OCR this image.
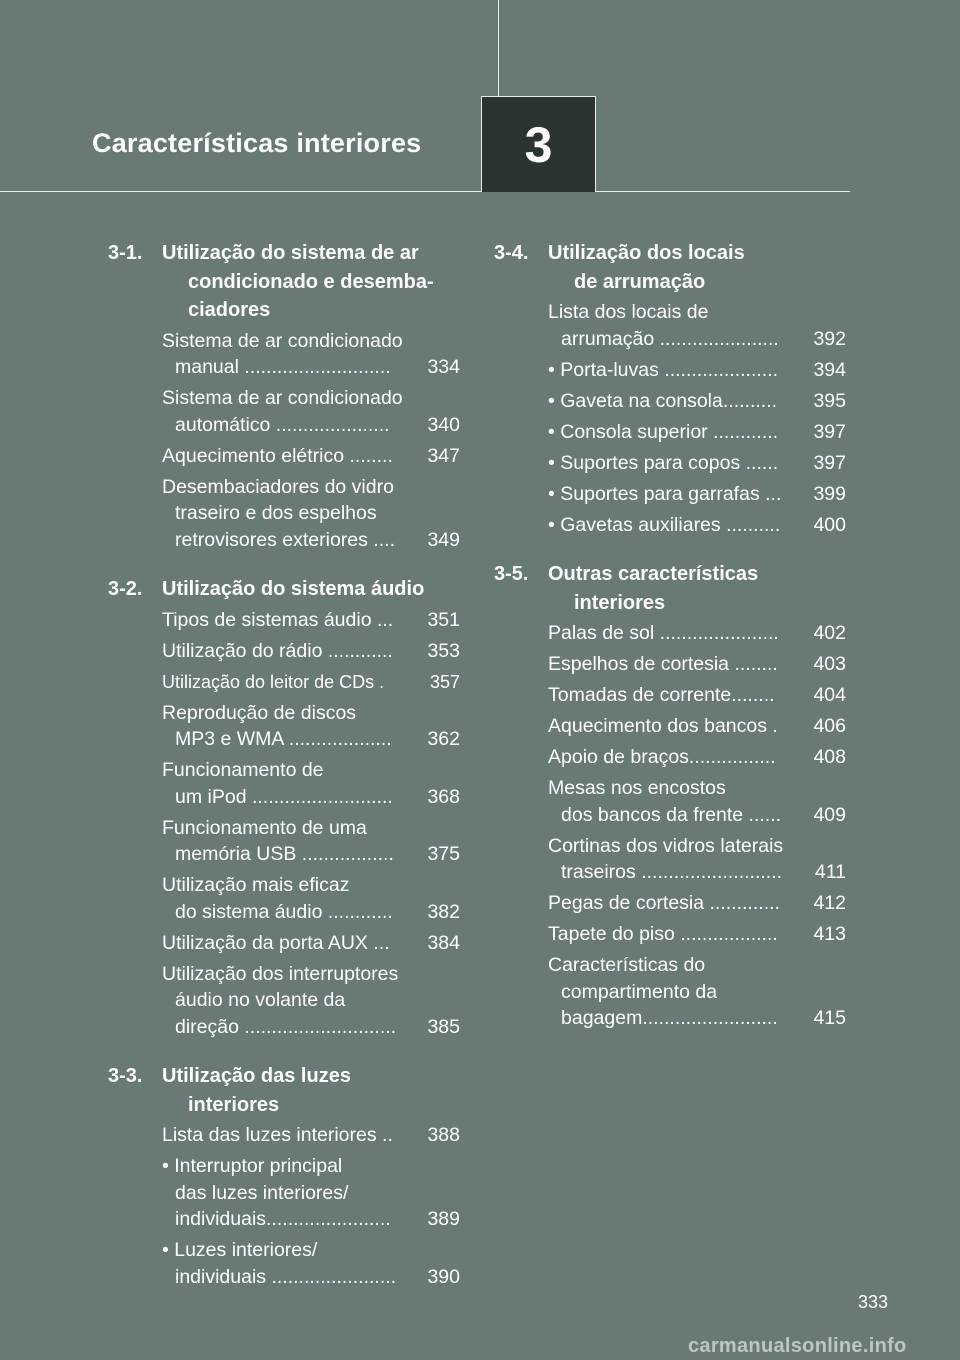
Características interiores 3
3-1. Utilização do sistema de ar
condicionado e desemba-
ciadores
Sistema de ar condicionado
manual ........................... 334
Sistema de ar condicionado
automático ..................... 340
Aquecimento elétrico ........ 347
Desembaciadores do vidro
traseiro e dos espelhos
retrovisores exteriores .... 349
3-2. Utilização do sistema áudio
Tipos de sistemas áudio ... 351
Utilização do rádio ............ 353
Utilização do leitor de CDs .	357
Reprodução de discos
MP3 e WMA ................... 362
Funcionamento de
um iPod .......................... 368
Funcionamento de uma
memória USB ................. 375
Utilização mais eficaz
do sistema áudio ............ 382
Utilização da porta AUX ... 384
Utilização dos interruptores
áudio no volante da
direção ............................ 385
3-3. Utilização das luzes
interiores
Lista das luzes interiores .. 388
• Interruptor principal
das luzes interiores/
individuais....................... 389
• Luzes interiores/
individuais ....................... 390
3-4. Utilização dos locais
de arrumação
Lista dos locais de
arrumação ...................... 392
• Porta-luvas ..................... 394
• Gaveta na consola.......... 395
• Consola superior ............ 397
• Suportes para copos ...... 397
• Suportes para garrafas ... 399
• Gavetas auxiliares .......... 400
3-5. Outras características
interiores
Palas de sol ...................... 402
Espelhos de cortesia ........ 403
Tomadas de corrente........ 404
Aquecimento dos bancos . 406
Apoio de braços................ 408
Mesas nos encostos
dos bancos da frente ...... 409
Cortinas dos vidros laterais
traseiros .......................... 411
Pegas de cortesia ............. 412
Tapete do piso .................. 413
Características do
compartimento da
bagagem......................... 415
333
carmanualsonline.info
